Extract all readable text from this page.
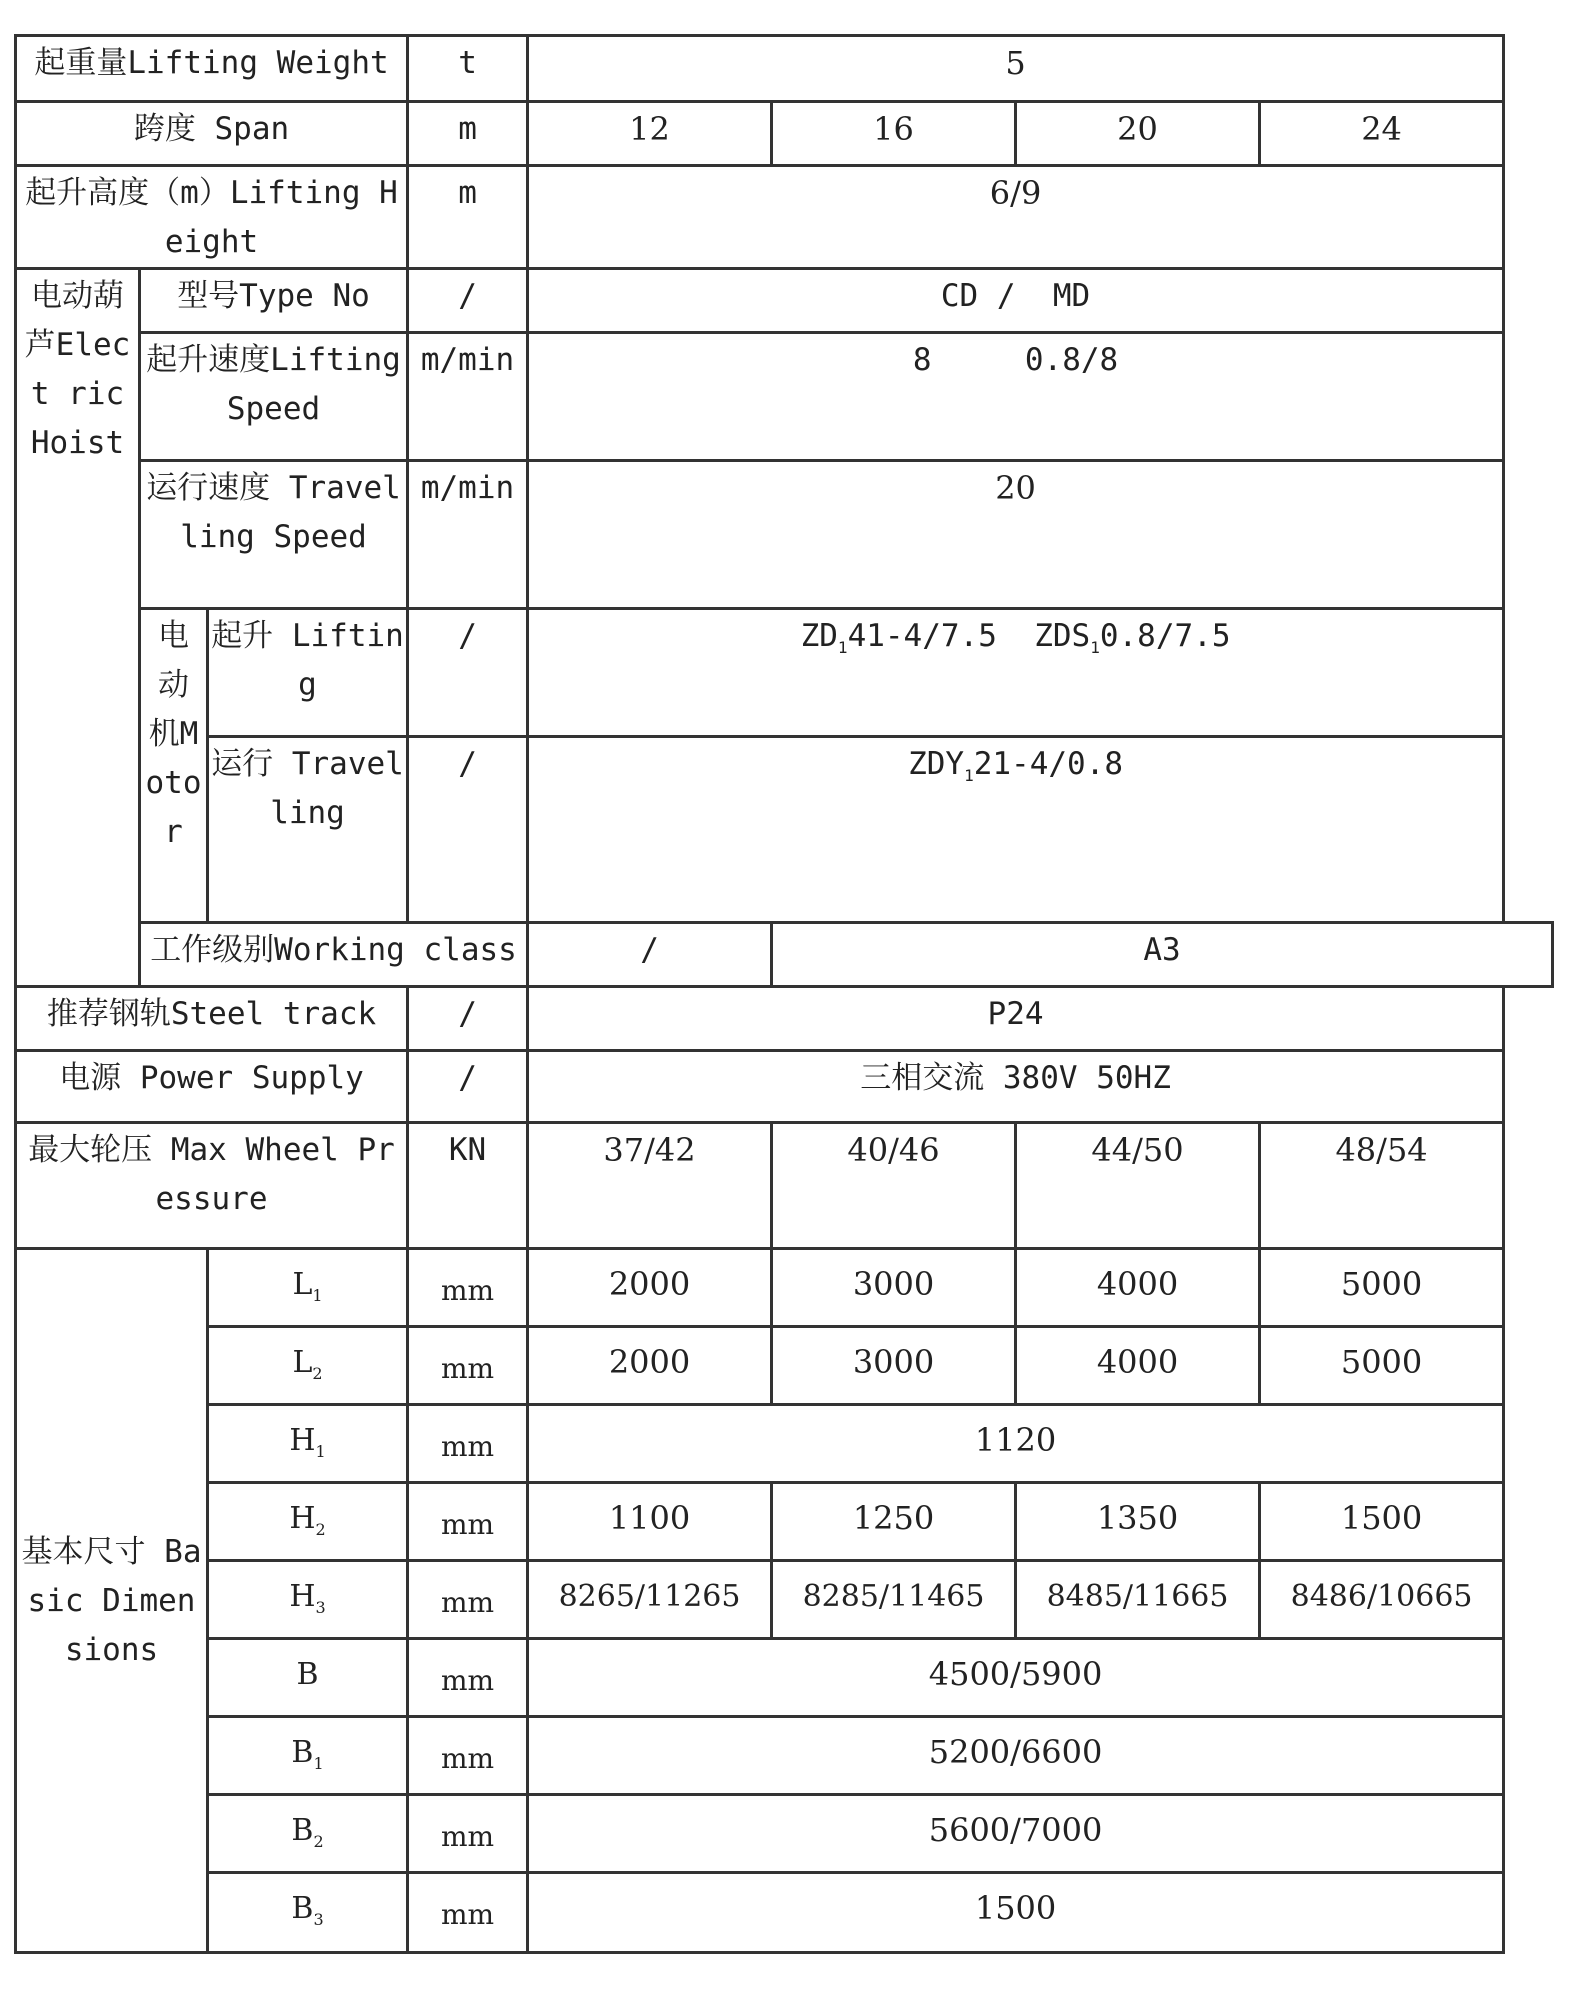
起重量Lifting Weight			t	5			
跨度 Span			m	12	16	20	24
起升高度（m）Lifting Height			m	6/9			
电动葫芦Elect ric Hoist	型号Type No		/	CD /  MD			
	起升速度Lifting Speed		m/min	8     0.8/8			
	运行速度 Travelling Speed		m/min	20			
	电动机Motor	起升 Lifting	/	$ZD_141-4/7.5$  $ZDS_10.8/7.5$			
		运行 Travelling	/	$ZDY_121-4/0.8$			
	工作级别Working class			/	A3		
推荐钢轨Steel track			/	P24			
电源 Power Supply			/	三相交流 380V 50HZ			
最大轮压 Max Wheel Pressure			KN	37/42	40/46	44/50	48/54
基本尺寸 Basic Dimensions		$L_1$	mm	2000	3000	4000	5000
		$L_2$	mm	2000	3000	4000	5000
		$H_1$	mm	1120			
		$H_2$	mm	1100	1250	1350	1500
		$H_3$	mm	8265/11265	8285/11465	8485/11665	8486/10665
		B	mm	4500/5900			
		$B_1$	mm	5200/6600			
		$B_2$	mm	5600/7000			
		$B_3$	mm	1500			
